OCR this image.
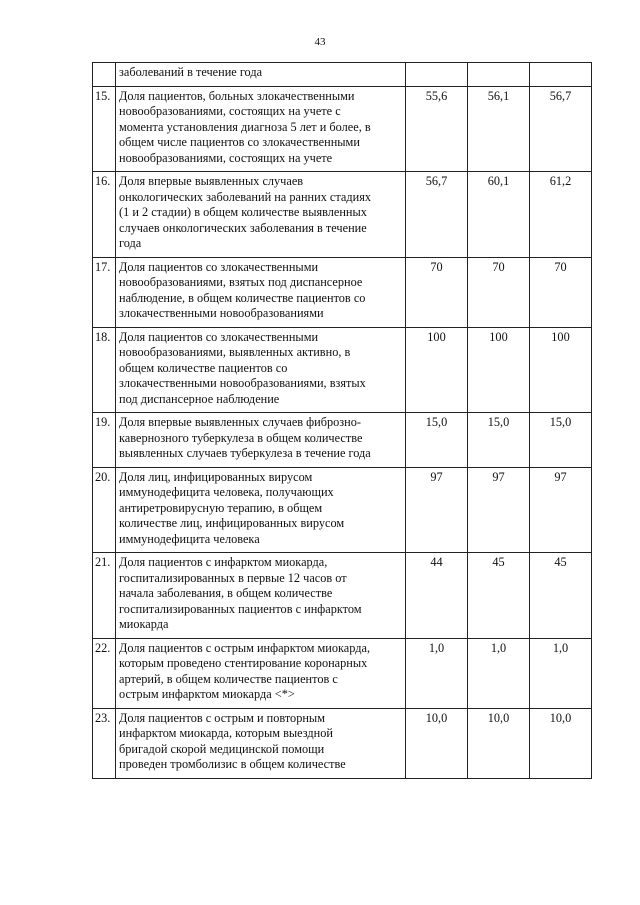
43
	заболеваний в течение года			
15.	Доля пациентов, больных злокачественными
новообразованиями, состоящих на учете с
момента установления диагноза 5 лет и более, в
общем числе пациентов со злокачественными
новообразованиями, состоящих на учете	55,6	56,1	56,7
16.	Доля впервые выявленных случаев
онкологических заболеваний на ранних стадиях
(1 и 2 стадии) в общем количестве выявленных
случаев онкологических заболевания в течение
года	56,7	60,1	61,2
17.	Доля пациентов со злокачественными
новообразованиями, взятых под диспансерное
наблюдение, в общем количестве пациентов со
злокачественными новообразованиями	70	70	70
18.	Доля пациентов со злокачественными
новообразованиями, выявленных активно, в
общем количестве пациентов со
злокачественными новообразованиями, взятых
под диспансерное наблюдение	100	100	100
19.	Доля впервые выявленных случаев фиброзно-
кавернозного туберкулеза в общем количестве
выявленных случаев туберкулеза в течение года	15,0	15,0	15,0
20.	Доля лиц, инфицированных вирусом
иммунодефицита человека, получающих
антиретровирусную терапию, в общем
количестве лиц, инфицированных вирусом
иммунодефицита человека	97	97	97
21.	Доля пациентов с инфарктом миокарда,
госпитализированных в первые 12 часов от
начала заболевания, в общем количестве
госпитализированных пациентов с инфарктом
миокарда	44	45	45
22.	Доля пациентов с острым инфарктом миокарда,
которым проведено стентирование коронарных
артерий, в общем количестве пациентов с
острым инфарктом миокарда <*>	1,0	1,0	1,0
23.	Доля пациентов с острым и повторным
инфарктом миокарда, которым выездной
бригадой скорой медицинской помощи
проведен тромболизис в общем количестве	10,0	10,0	10,0
